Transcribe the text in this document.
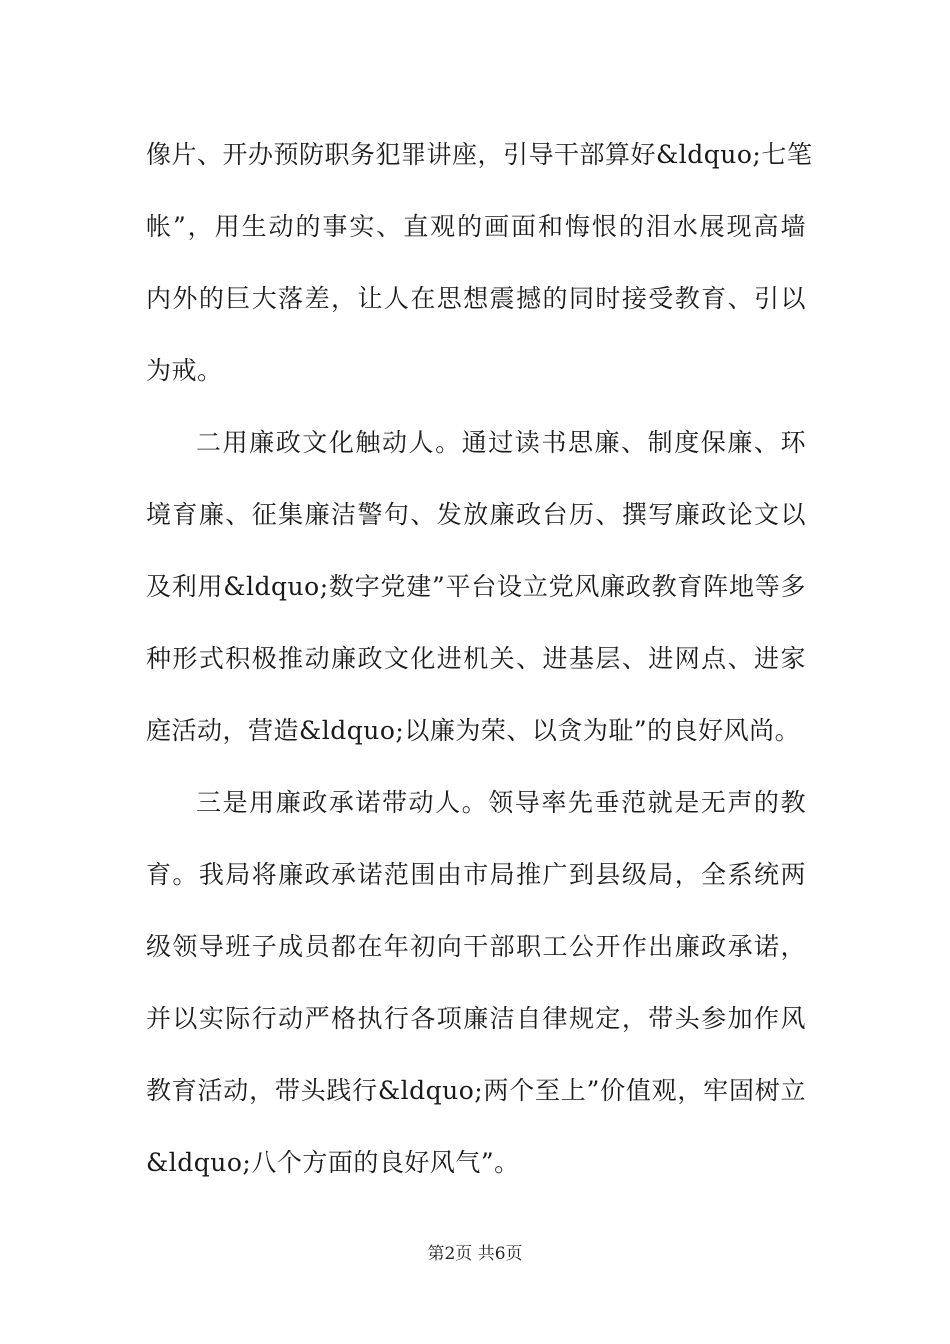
像片、开办预防职务犯罪讲座，引导干部算好&ldquo;七笔
帐”，用生动的事实、直观的画面和悔恨的泪水展现高墙
内外的巨大落差，让人在思想震撼的同时接受教育、引以
为戒。
二用廉政文化触动人。通过读书思廉、制度保廉、环
境育廉、征集廉洁警句、发放廉政台历、撰写廉政论文以
及利用&ldquo;数字党建”平台设立党风廉政教育阵地等多
种形式积极推动廉政文化进机关、进基层、进网点、进家
庭活动，营造&ldquo;以廉为荣、以贪为耻”的良好风尚。
三是用廉政承诺带动人。领导率先垂范就是无声的教
育。我局将廉政承诺范围由市局推广到县级局，全系统两
级领导班子成员都在年初向干部职工公开作出廉政承诺，
并以实际行动严格执行各项廉洁自律规定，带头参加作风
教育活动，带头践行&ldquo;两个至上”价值观，牢固树立
&ldquo;八个方面的良好风气”。
第2页 共6页
